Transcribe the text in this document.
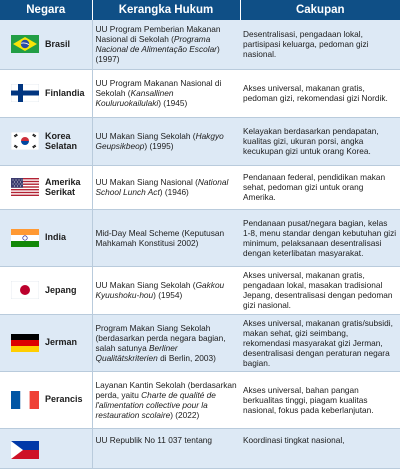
Negara	Kerangka Hukum	Cakupan

Brasil	UU Program Pemberian Makanan Nasional di Sekolah (Programa Nacional de Alimentação Escolar) (1997)	Desentralisasi, pengadaan lokal, partisipasi keluarga, pedoman gizi nasional.

Finlandia	UU Program Makanan Nasional di Sekolah (Kansallinen Kouluruokailulaki) (1945)	Akses universal, makanan gratis, pedoman gizi, rekomendasi gizi Nordik.

Korea Selatan	UU Makan Siang Sekolah (Hakgyo Geupsikbeop) (1995)	Kelayakan berdasarkan pendapatan, kualitas gizi, ukuran porsi, angka kecukupan gizi untuk orang Korea.

Amerika Serikat	UU Makan Siang Nasional (National School Lunch Act) (1946)	Pendanaan federal, pendidikan makan sehat, pedoman gizi untuk orang Amerika.

India	Mid-Day Meal Scheme (Keputusan Mahkamah Konstitusi 2002)	Pendanaan pusat/negara bagian, kelas 1-8, menu standar dengan kebutuhan gizi minimum, pelaksanaan desentralisasi dengan keterlibatan masyarakat.

Jepang	UU Makan Siang Sekolah (Gakkou Kyuushoku-hou) (1954)	Akses universal, makanan gratis, pengadaan lokal, masakan tradisional Jepang, desentralisasi dengan pedoman gizi nasional.

Jerman	Program Makan Siang Sekolah (berdasarkan perda negara bagian, salah satunya Berliner Qualitätskriterien di Berlin, 2003)	Akses universal, makanan gratis/subsidi, makan sehat, gizi seimbang, rekomendasi masyarakat gizi Jerman, desentralisasi dengan peraturan negara bagian.

Perancis	Layanan Kantin Sekolah (berdasarkan perda, yaitu Charte de qualité de l'alimentation collective pour la restauration scolaire) (2022)	Akses universal, bahan pangan berkualitas tinggi, piagam kualitas nasional, fokus pada keberlanjutan.

	UU Republik No 11 037 tentang	Koordinasi tingkat nasional,
